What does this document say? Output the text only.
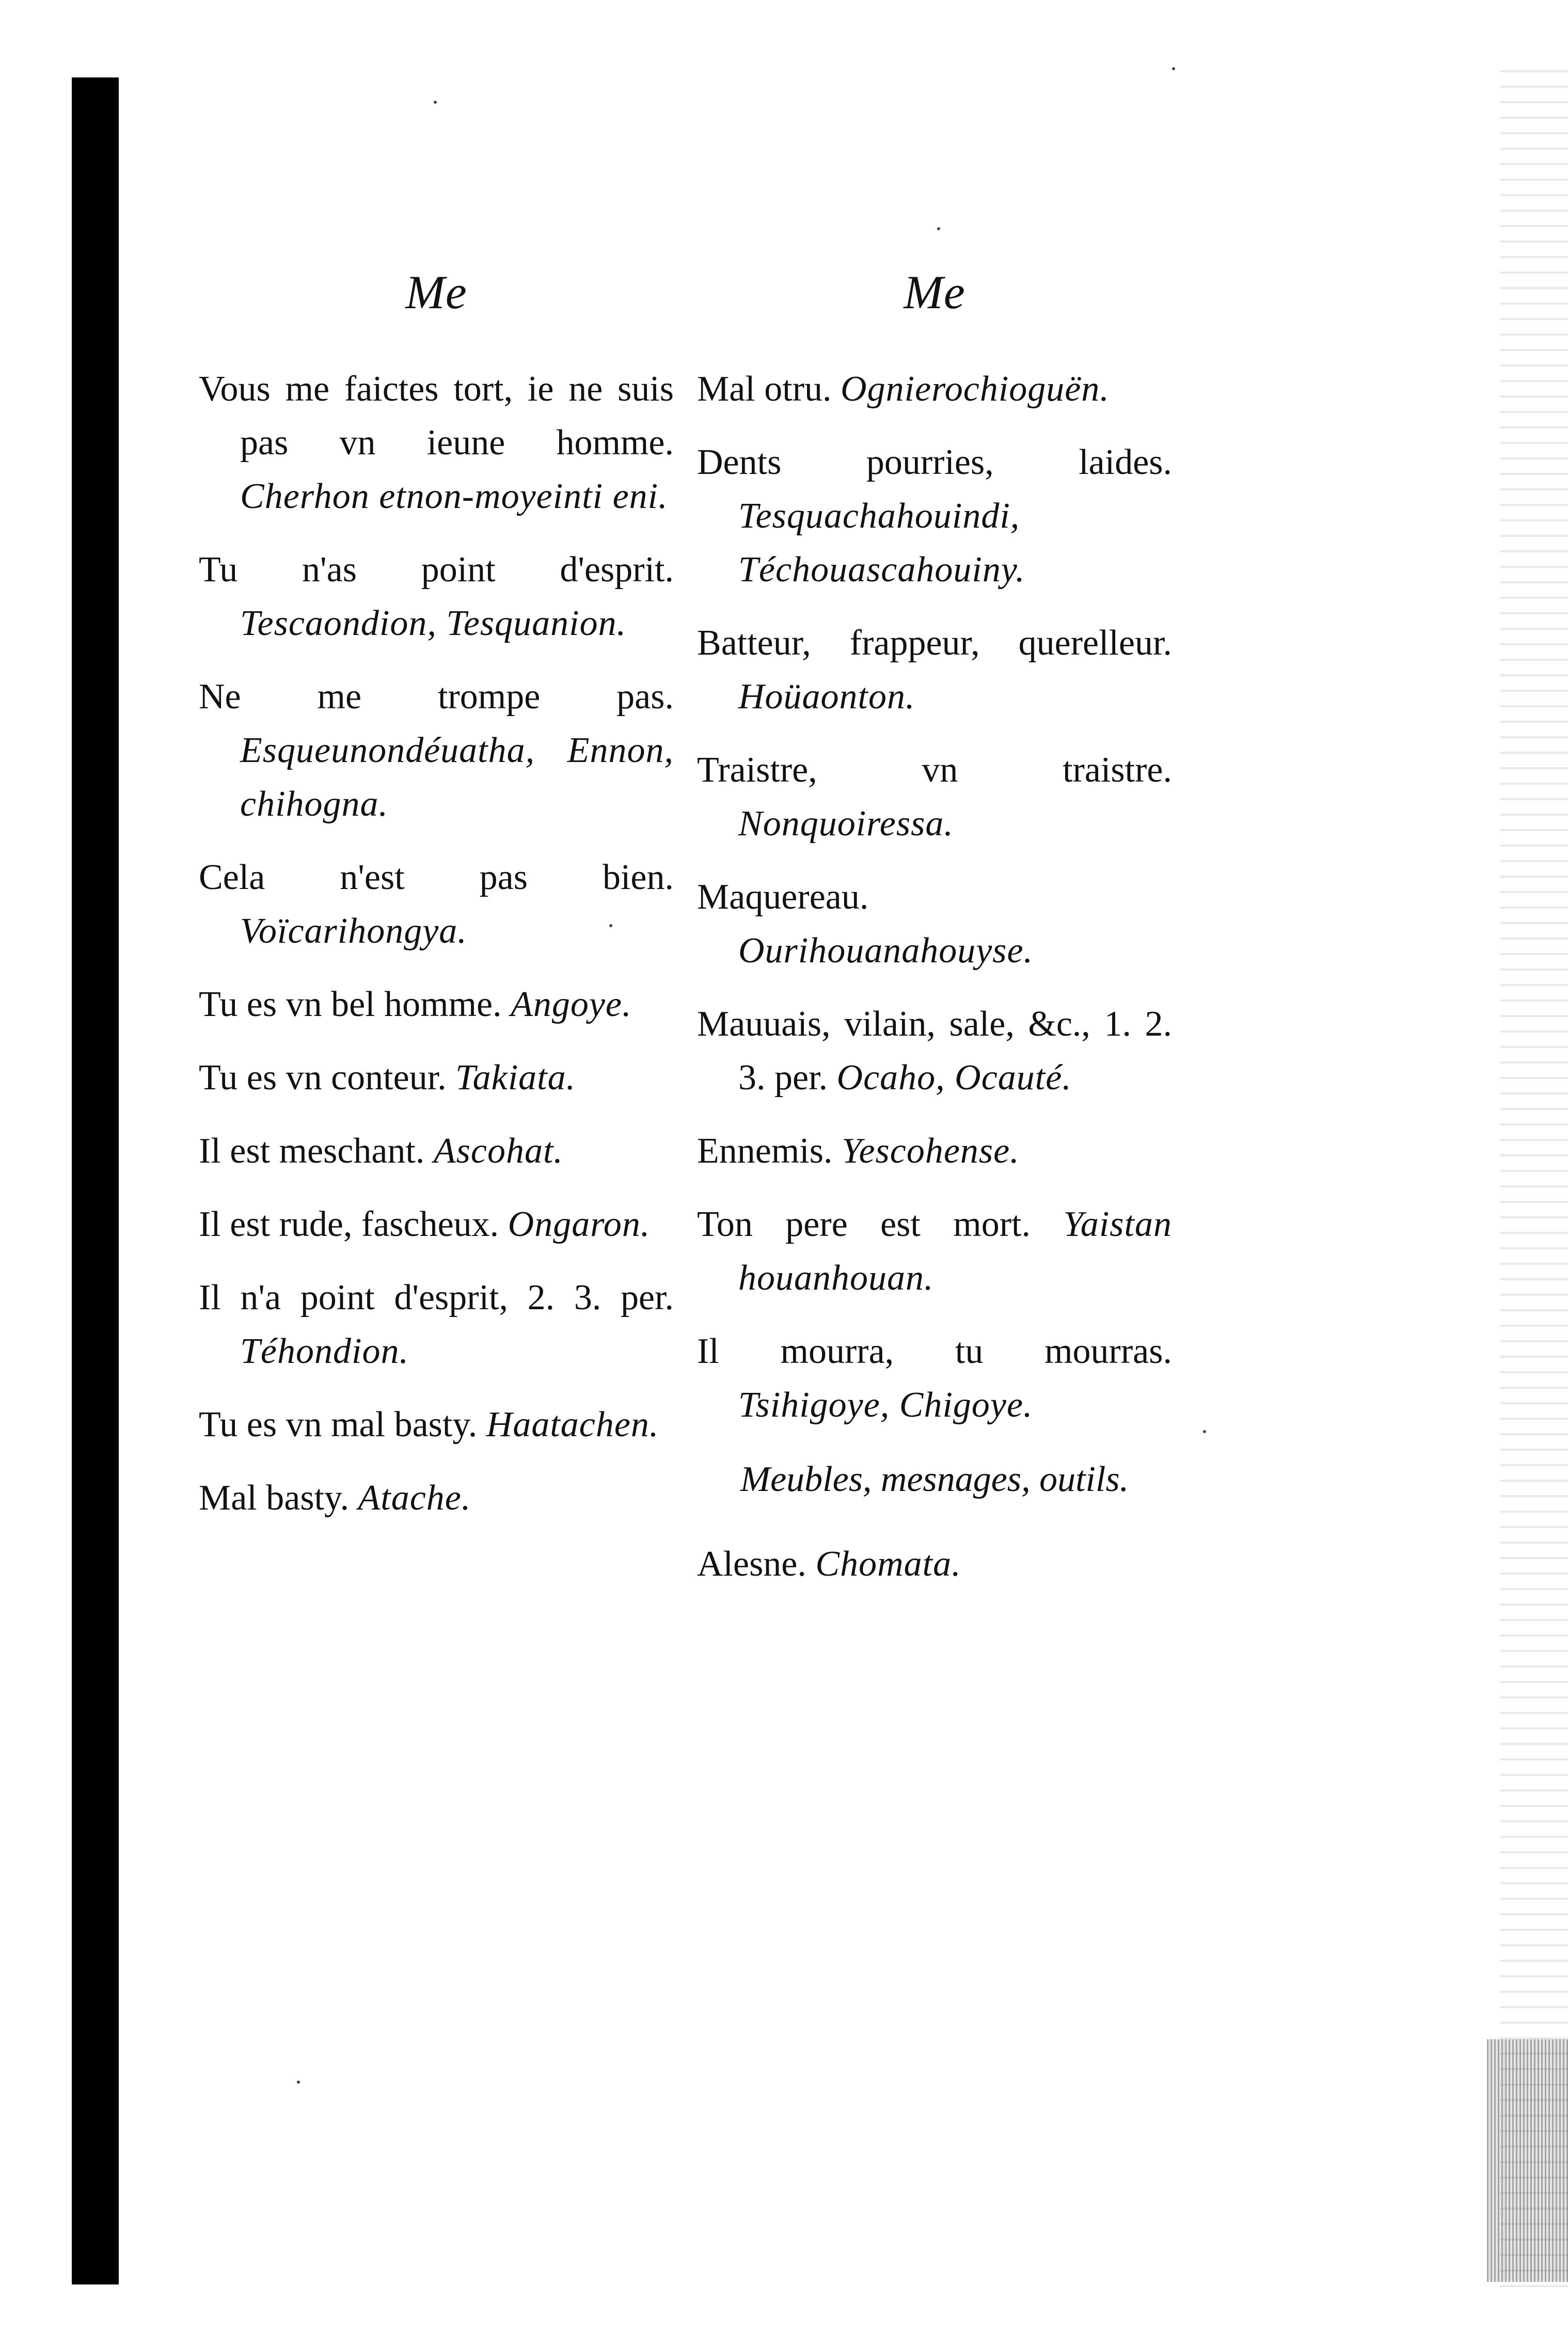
Me

Vous me faictes tort, ie ne suis pas vn ieune homme. Cherhon etnon-moyeinti eni.

Tu n'as point d'esprit. Tescaondion, Tesquanion.

Ne me trompe pas. Esqueunondéuatha, Ennon, chihogna.

Cela n'est pas bien. Voïcarihongya.

Tu es vn bel homme. Angoye.

Tu es vn conteur. Takiata.

Il est meschant. Ascohat.

Il est rude, fascheux. Ongaron.

Il n'a point d'esprit, 2. 3. per. Téhondion.

Tu es vn mal basty. Haatachen.

Mal basty. Atache.

Me

Mal otru. Ognierochioguën.

Dents pourries, laides. Tesquachahouindi, Téchouascahouiny.

Batteur, frappeur, querelleur. Hoüaonton.

Traistre, vn traistre. Nonquoiressa.

Maquereau. Ourihouanahouyse.

Mauuais, vilain, sale, &c., 1. 2. 3. per. Ocaho, Ocauté.

Ennemis. Yescohense.

Ton pere est mort. Yaistan houanhouan.

Il mourra, tu mourras. Tsihigoye, Chigoye.

Meubles, mesnages, outils.

Alesne. Chomata.
